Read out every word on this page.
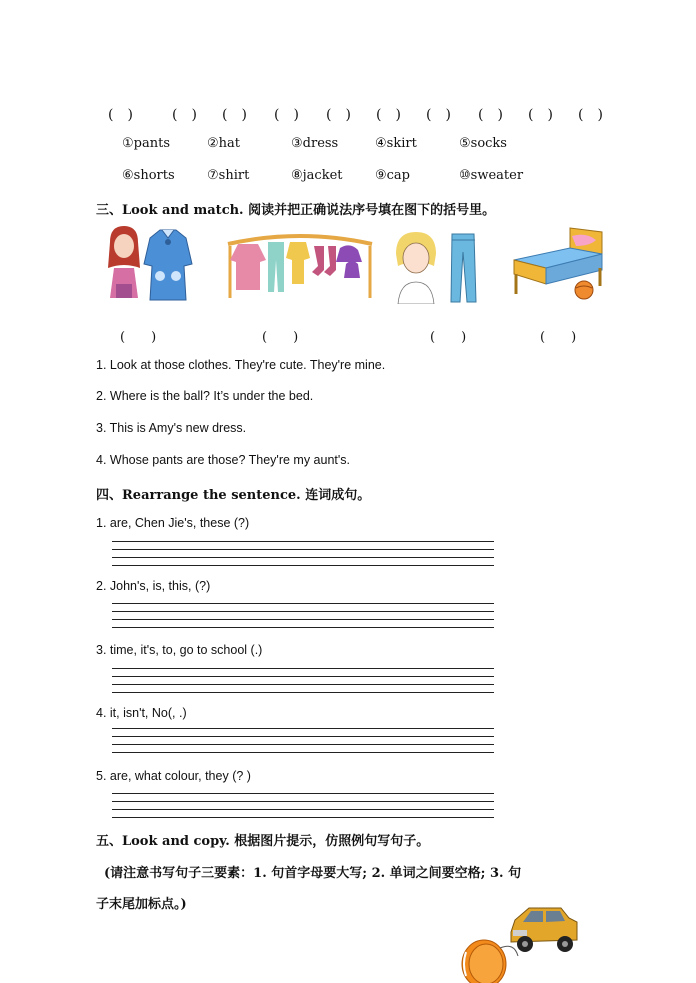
(　)	(　) (　) (　) (　) (　) (　) (　) (　) (　)
①pants	②hat	③dress	④skirt	⑤socks
⑥shorts ⑦shirt	⑧jacket ⑨cap	⑩sweater
三、Look and match. 阅读并把正确说法序号填在图下的括号里。
(　　)	(　　)	(　　)	(　　)
1. Look at those clothes. They're cute. They're mine.
2. Where is the ball? It’s under the bed.
3. This is Amy's new dress.
4. Whose pants are those? They're my aunt's.
四、Rearrange the sentence. 连词成句。
1. are, Chen Jie's, these (?)
2. John's, is, this, (?)
3. time, it's, to, go to school (.)
4. it, isn't, No(, .)
5. are, what colour, they (? )
五、Look and copy. 根据图片提示，仿照例句写句子。
(请注意书写句子三要素：1. 句首字母要大写; 2. 单词之间要空格; 3. 句
子末尾加标点。)
